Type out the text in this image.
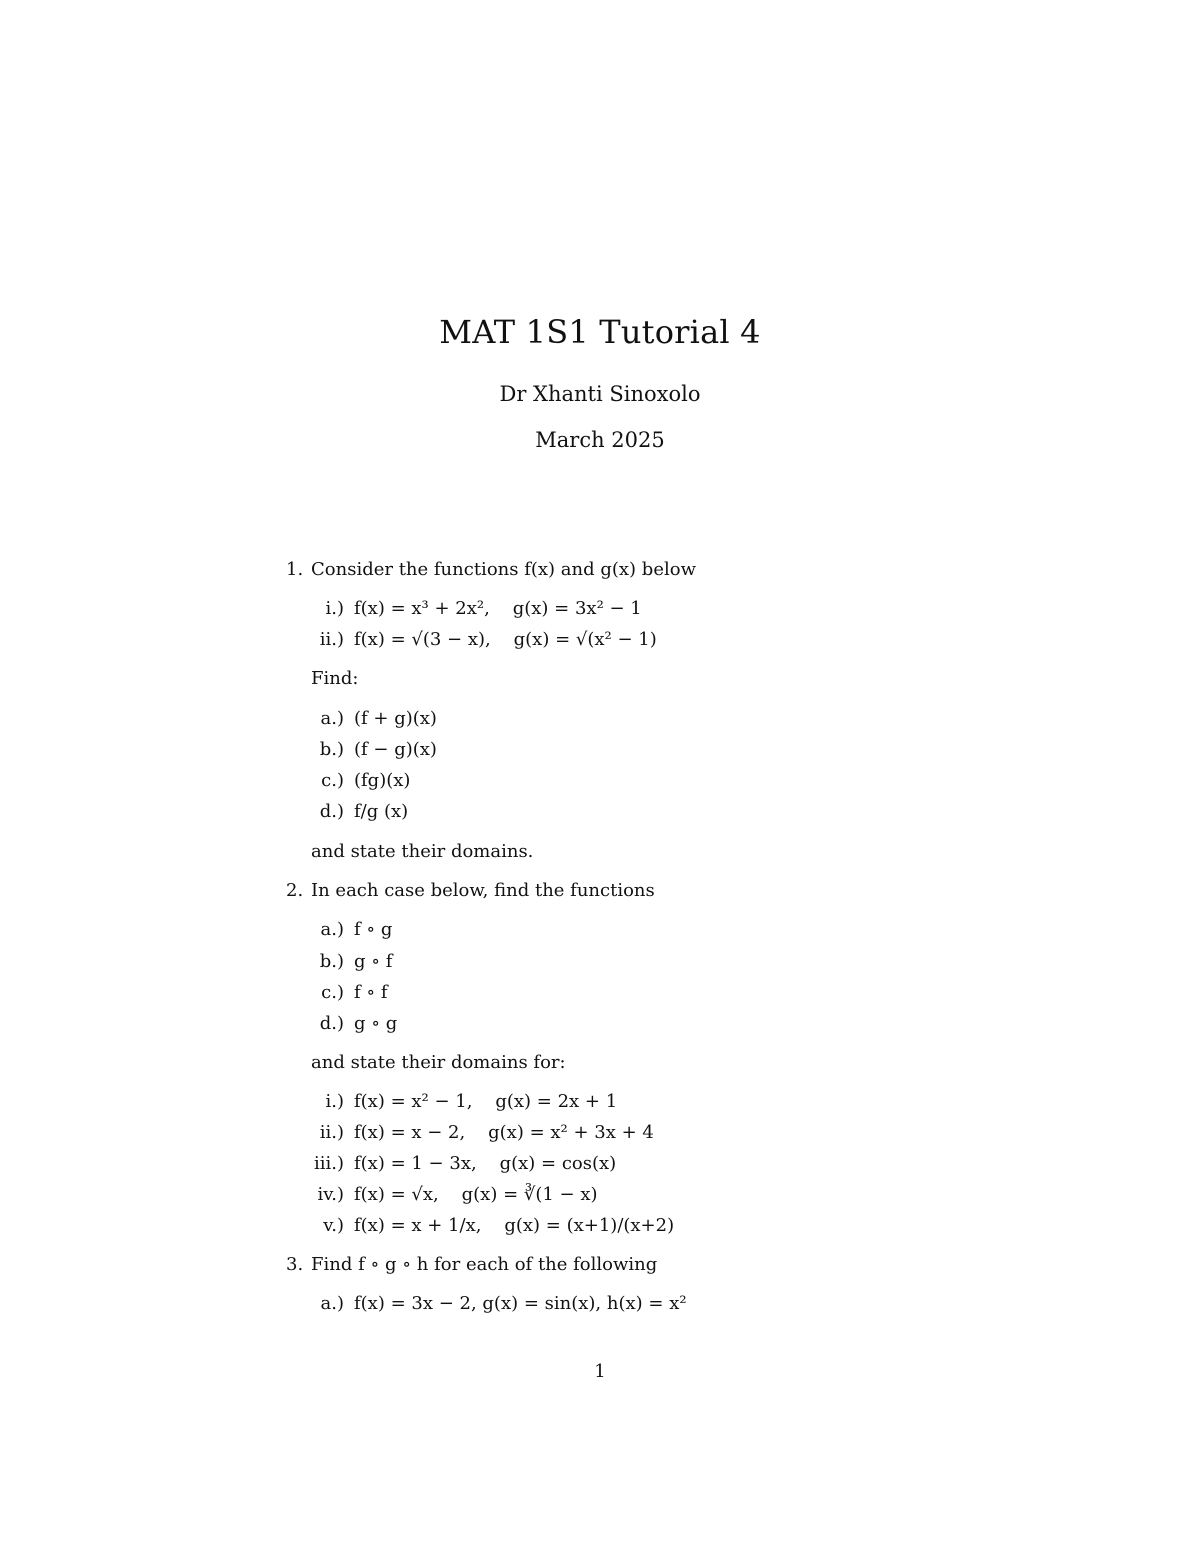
MAT 1S1 Tutorial 4
Dr Xhanti Sinoxolo
March 2025
1. Consider the functions f(x) and g(x) below
i.) f(x) = x³ + 2x², g(x) = 3x² − 1
ii.) f(x) = √(3 − x), g(x) = √(x² − 1)
Find:
a.) (f + g)(x)
b.) (f − g)(x)
c.) (fg)(x)
d.) f/g (x)
and state their domains.
2. In each case below, find the functions
a.) f ∘ g
b.) g ∘ f
c.) f ∘ f
d.) g ∘ g
and state their domains for:
i.) f(x) = x² − 1, g(x) = 2x + 1
ii.) f(x) = x − 2, g(x) = x² + 3x + 4
iii.) f(x) = 1 − 3x, g(x) = cos(x)
iv.) f(x) = √x, g(x) = ∛(1 − x)
v.) f(x) = x + 1/x, g(x) = (x+1)/(x+2)
3. Find f ∘ g ∘ h for each of the following
a.) f(x) = 3x − 2, g(x) = sin(x), h(x) = x²
1
